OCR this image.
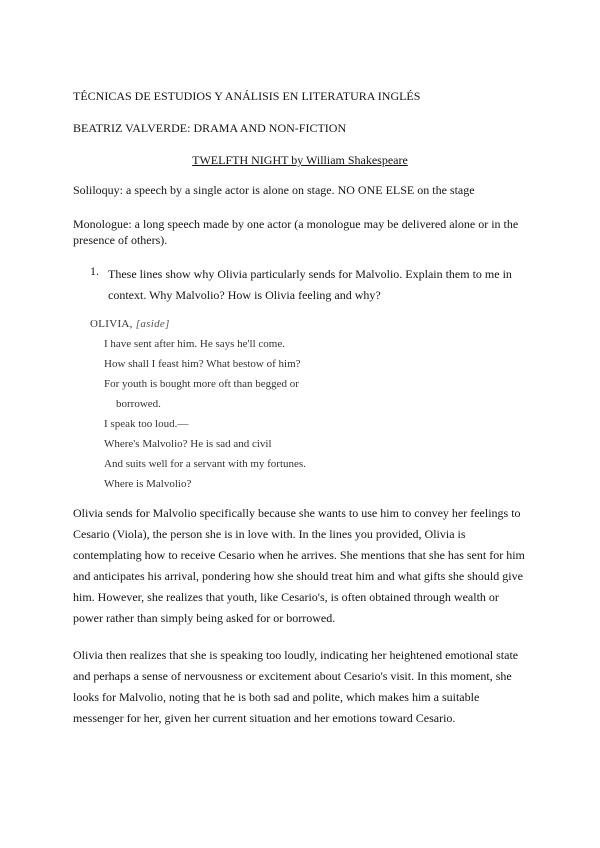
TÉCNICAS DE ESTUDIOS Y ANÁLISIS EN LITERATURA INGLÉS
BEATRIZ VALVERDE: DRAMA AND NON-FICTION
TWELFTH NIGHT by William Shakespeare
Soliloquy: a speech by a single actor is alone on stage. NO ONE ELSE on the stage
Monologue: a long speech made by one actor (a monologue may be delivered alone or in the presence of others).
1. These lines show why Olivia particularly sends for Malvolio. Explain them to me in context. Why Malvolio? How is Olivia feeling and why?
OLIVIA, [aside]
I have sent after him. He says he'll come.
How shall I feast him? What bestow of him?
For youth is bought more oft than begged or
borrowed.
I speak too loud.—
Where's Malvolio? He is sad and civil
And suits well for a servant with my fortunes.
Where is Malvolio?
Olivia sends for Malvolio specifically because she wants to use him to convey her feelings to Cesario (Viola), the person she is in love with. In the lines you provided, Olivia is contemplating how to receive Cesario when he arrives. She mentions that she has sent for him and anticipates his arrival, pondering how she should treat him and what gifts she should give him. However, she realizes that youth, like Cesario's, is often obtained through wealth or power rather than simply being asked for or borrowed.
Olivia then realizes that she is speaking too loudly, indicating her heightened emotional state and perhaps a sense of nervousness or excitement about Cesario's visit. In this moment, she looks for Malvolio, noting that he is both sad and polite, which makes him a suitable messenger for her, given her current situation and her emotions toward Cesario.
